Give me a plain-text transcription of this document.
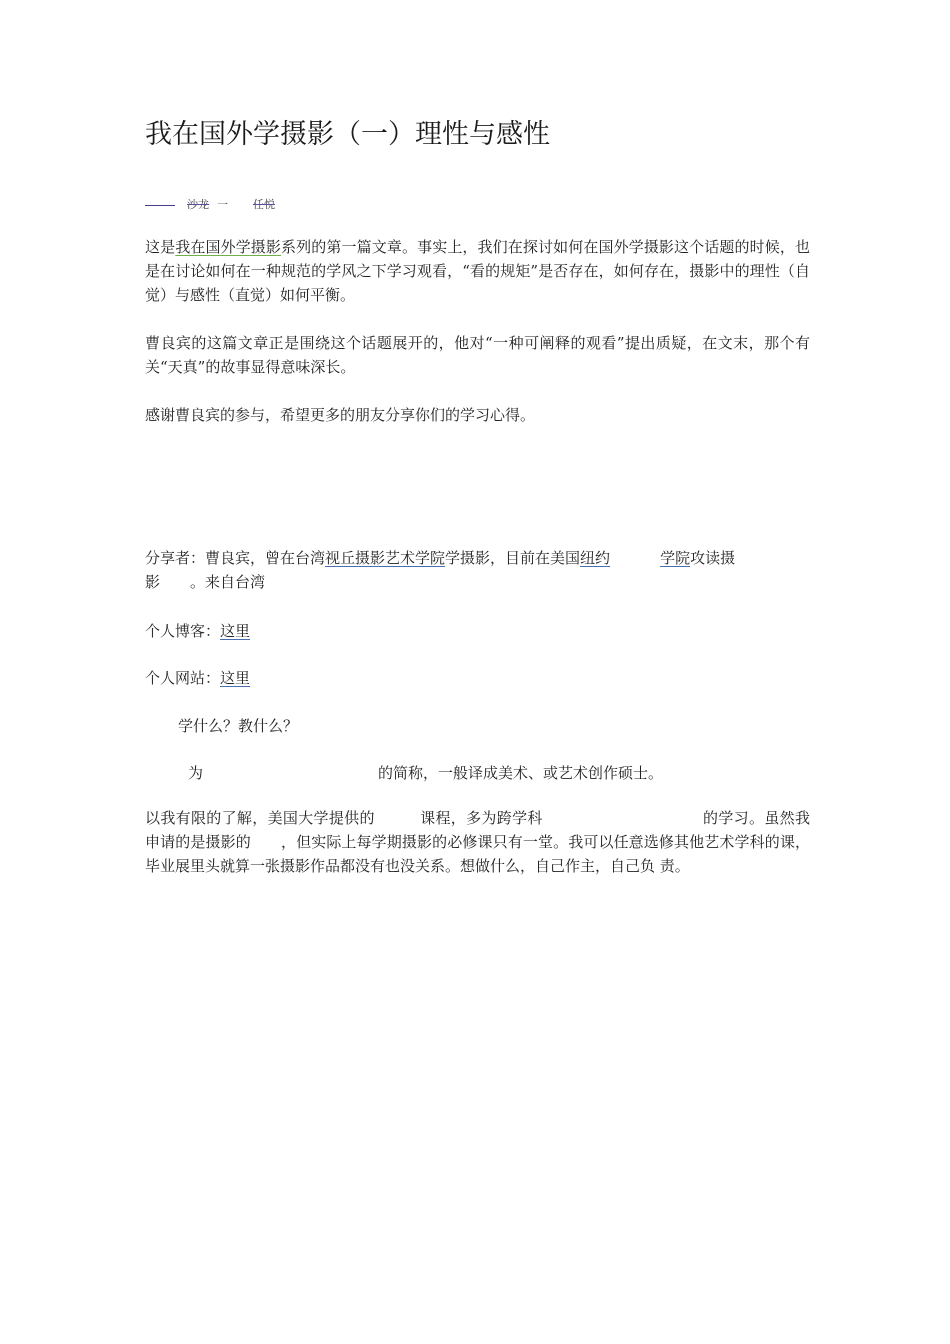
我在国外学摄影（一）理性与感性
沙龙 一 任悦

这是我在国外学摄影系列的第一篇文章。事实上，我们在探讨如何在国外学摄影这个话题的时候，也是在讨论如何在一种规范的学风之下学习观看，“看的规矩”是否存在，如何存在，摄影中的理性（自觉）与感性（直觉）如何平衡。

曹良宾的这篇文章正是围绕这个话题展开的，他对“一种可阐释的观看”提出质疑，在文末，那个有关“天真”的故事显得意味深长。

感谢曹良宾的参与，希望更多的朋友分享你们的学习心得。

分享者：曹良宾，曾在台湾视丘摄影艺术学院学摄影，目前在美国纽约	学院攻读摄
影 。来自台湾

个人博客：这里

个人网站：这里

学什么？教什么？

为	的简称，一般译成美术、或艺术创作硕士。

以我有限的了解，美国大学提供的	课程，多为跨学科	的学习。虽然我申请的是摄影的 ，但实际上每学期摄影的必修课只有一堂。我可以任意选修其他艺术学科的课，毕业展里头就算一张摄影作品都没有也没关系。想做什么，自己作主，自己负 责。
